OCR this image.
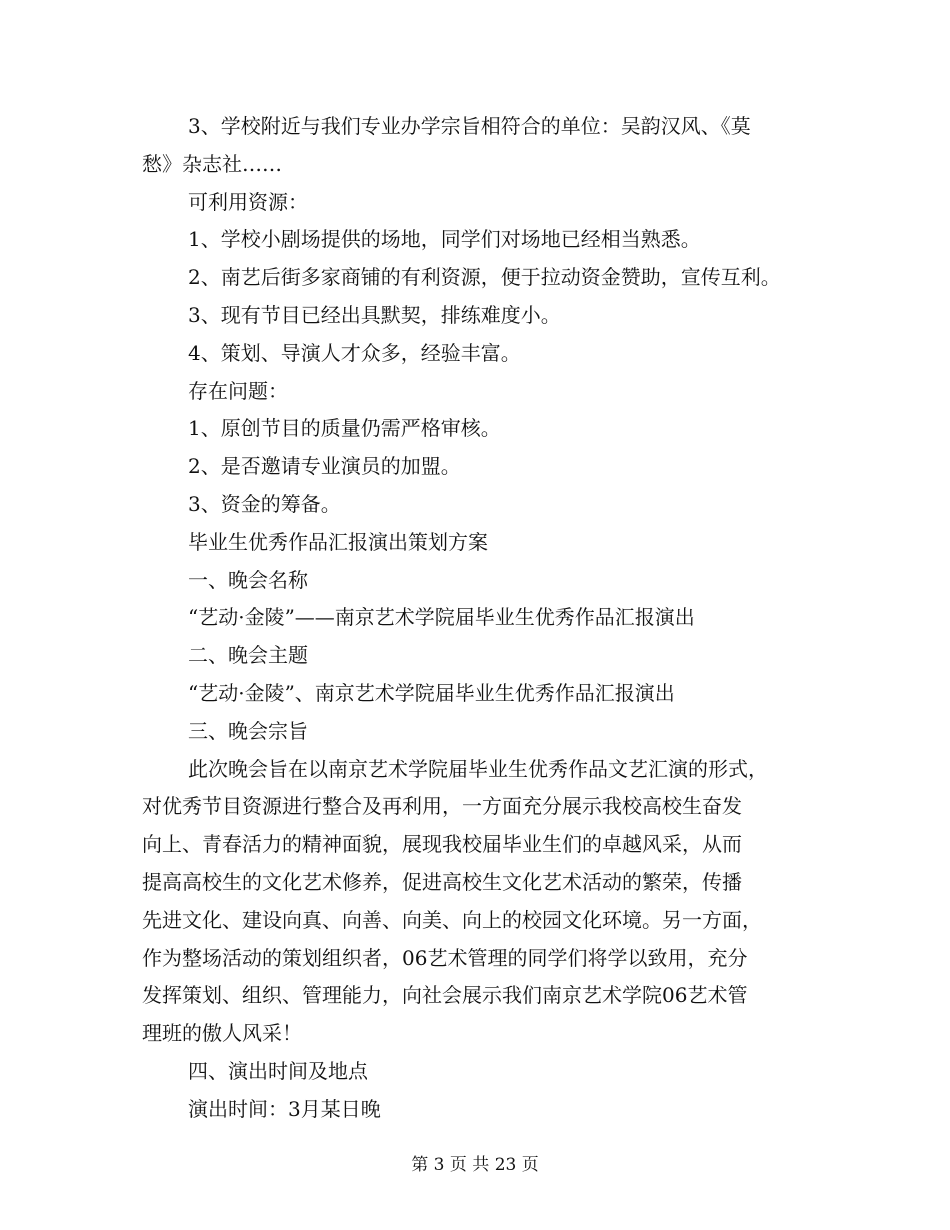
3、学校附近与我们专业办学宗旨相符合的单位：吴韵汉风、《莫

愁》杂志社……

可利用资源：

1、学校小剧场提供的场地，同学们对场地已经相当熟悉。

2、南艺后街多家商铺的有利资源，便于拉动资金赞助，宣传互利。

3、现有节目已经出具默契，排练难度小。

4、策划、导演人才众多，经验丰富。

存在问题：

1、原创节目的质量仍需严格审核。

2、是否邀请专业演员的加盟。

3、资金的筹备。

毕业生优秀作品汇报演出策划方案

一、晚会名称

“艺动·金陵”——南京艺术学院届毕业生优秀作品汇报演出

二、晚会主题

“艺动·金陵”、南京艺术学院届毕业生优秀作品汇报演出

三、晚会宗旨

此次晚会旨在以南京艺术学院届毕业生优秀作品文艺汇演的形式，

对优秀节目资源进行整合及再利用，一方面充分展示我校高校生奋发

向上、青春活力的精神面貌，展现我校届毕业生们的卓越风采，从而

提高高校生的文化艺术修养，促进高校生文化艺术活动的繁荣，传播

先进文化、建设向真、向善、向美、向上的校园文化环境。另一方面，

作为整场活动的策划组织者，06艺术管理的同学们将学以致用，充分

发挥策划、组织、管理能力，向社会展示我们南京艺术学院06艺术管

理班的傲人风采！

四、演出时间及地点

演出时间：3月某日晚

第 3 页 共 23 页
